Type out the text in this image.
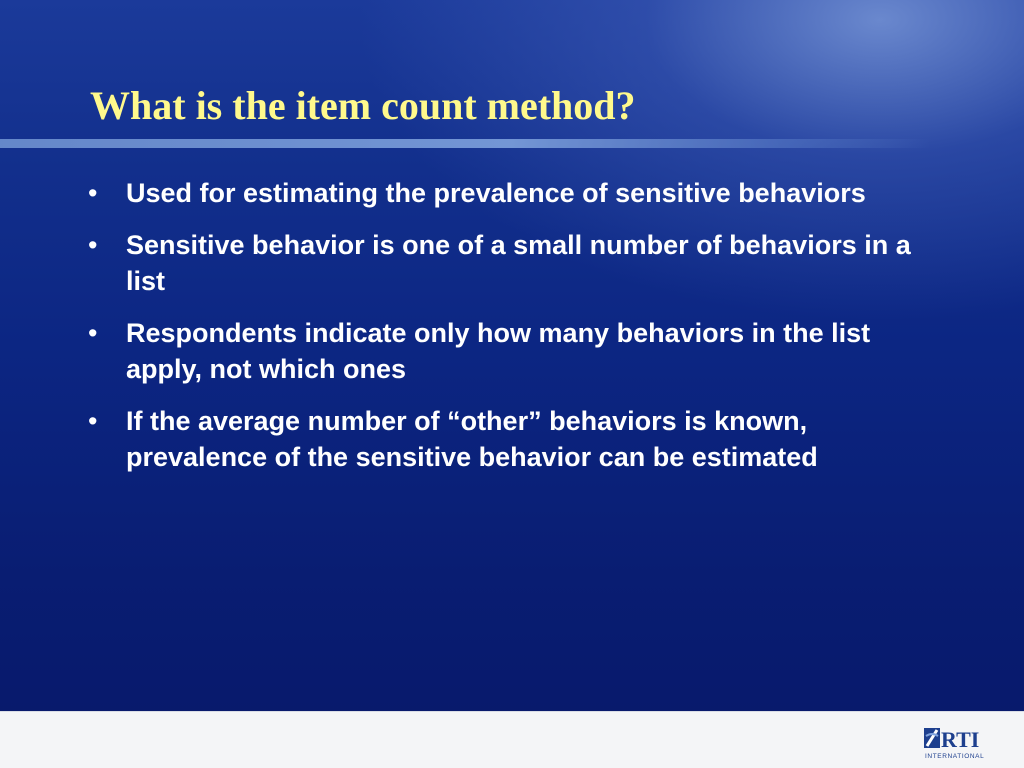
What is the item count method?
• Used for estimating the prevalence of sensitive behaviors
• Sensitive behavior is one of a small number of behaviors in a list
• Respondents indicate only how many behaviors in the list apply, not which ones
• If the average number of “other” behaviors is known, prevalence of the sensitive behavior can be estimated
RTI
INTERNATIONAL
